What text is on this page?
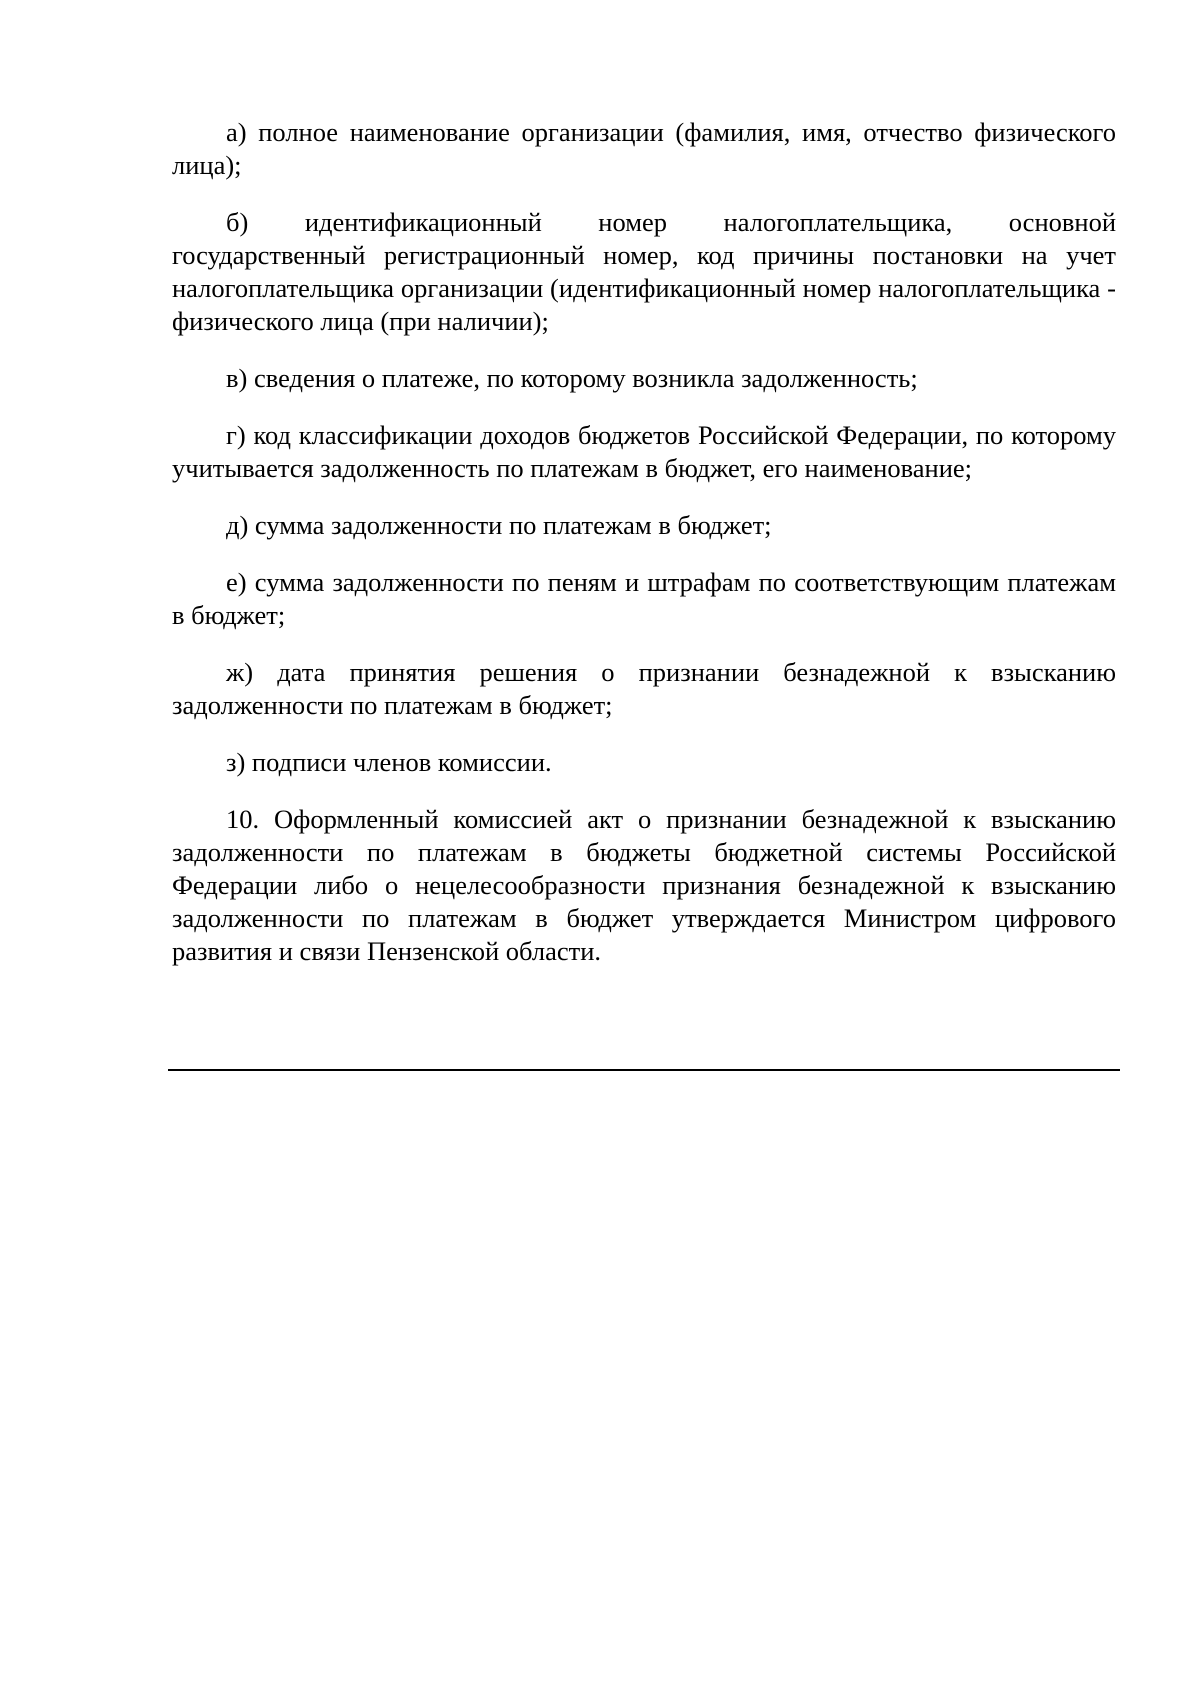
а) полное наименование организации (фамилия, имя, отчество физического лица);

б) идентификационный номер налогоплательщика, основной государственный регистрационный номер, код причины постановки на учет налогоплательщика организации (идентификационный номер налогоплательщика - физического лица (при наличии);

в) сведения о платеже, по которому возникла задолженность;

г) код классификации доходов бюджетов Российской Федерации, по которому учитывается задолженность по платежам в бюджет, его наименование;

д) сумма задолженности по платежам в бюджет;

е) сумма задолженности по пеням и штрафам по соответствующим платежам в бюджет;

ж) дата принятия решения о признании безнадежной к взысканию задолженности по платежам в бюджет;

з) подписи членов комиссии.

10. Оформленный комиссией акт о признании безнадежной к взысканию задолженности по платежам в бюджеты бюджетной системы Российской Федерации либо о нецелесообразности признания безнадежной к взысканию задолженности по платежам в бюджет утверждается Министром цифрового развития и связи Пензенской области.
